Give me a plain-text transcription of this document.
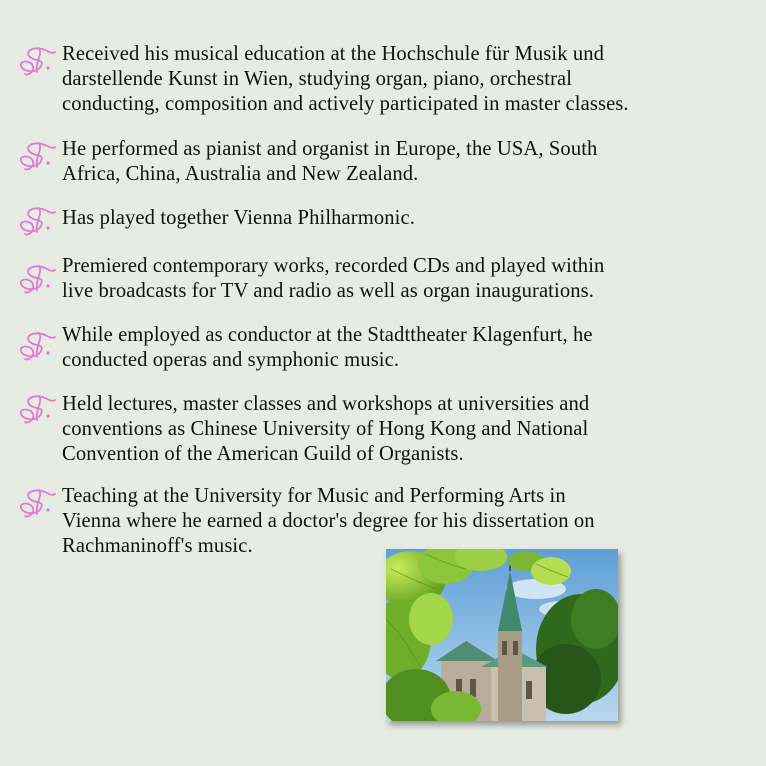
Received his musical education at the Hochschule für Musik und
darstellende Kunst in Wien, studying organ, piano, orchestral
conducting, composition and actively participated in master classes.

He performed as pianist and organist in Europe, the USA, South
Africa, China, Australia and New Zealand.

Has played together Vienna Philharmonic.

Premiered contemporary works, recorded CDs and played within
live broadcasts for TV and radio as well as organ inaugurations.

While employed as conductor at the Stadttheater Klagenfurt, he
conducted operas and symphonic music.

Held lectures, master classes and workshops at universities and
conventions as Chinese University of Hong Kong and National
Convention of the American Guild of Organists.

Teaching at the University for Music and Performing Arts in
Vienna where he earned a doctor's degree for his dissertation on
Rachmaninoff's music.
